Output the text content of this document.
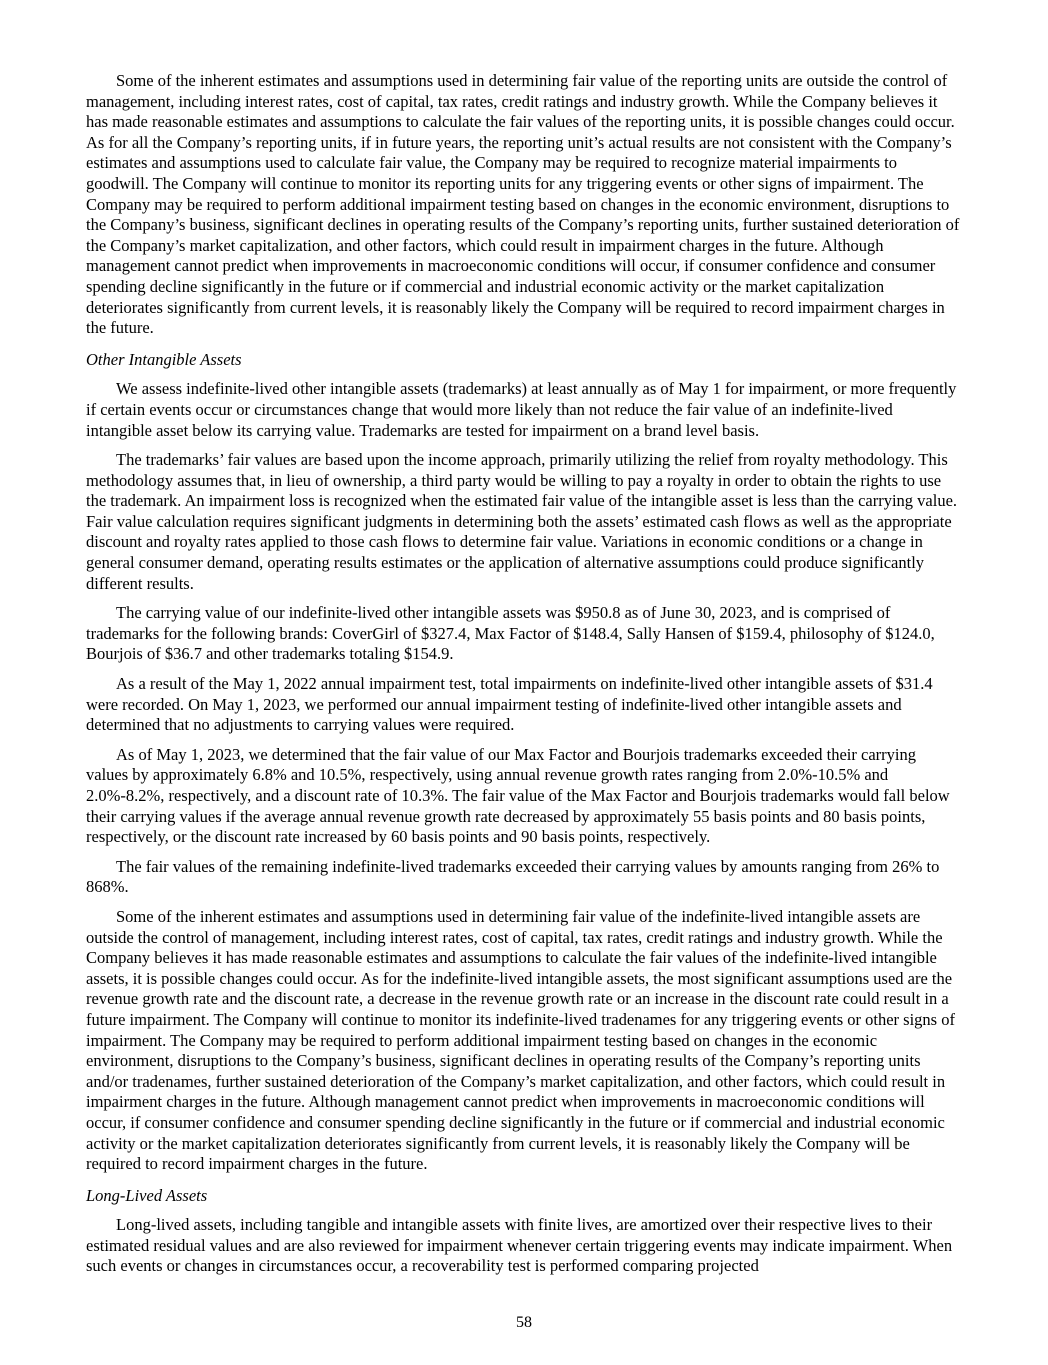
Some of the inherent estimates and assumptions used in determining fair value of the reporting units are outside the control of management, including interest rates, cost of capital, tax rates, credit ratings and industry growth. While the Company believes it has made reasonable estimates and assumptions to calculate the fair values of the reporting units, it is possible changes could occur. As for all the Company’s reporting units, if in future years, the reporting unit’s actual results are not consistent with the Company’s estimates and assumptions used to calculate fair value, the Company may be required to recognize material impairments to goodwill. The Company will continue to monitor its reporting units for any triggering events or other signs of impairment. The Company may be required to perform additional impairment testing based on changes in the economic environment, disruptions to the Company’s business, significant declines in operating results of the Company’s reporting units, further sustained deterioration of the Company’s market capitalization, and other factors, which could result in impairment charges in the future. Although management cannot predict when improvements in macroeconomic conditions will occur, if consumer confidence and consumer spending decline significantly in the future or if commercial and industrial economic activity or the market capitalization deteriorates significantly from current levels, it is reasonably likely the Company will be required to record impairment charges in the future.

Other Intangible Assets

We assess indefinite-lived other intangible assets (trademarks) at least annually as of May 1 for impairment, or more frequently if certain events occur or circumstances change that would more likely than not reduce the fair value of an indefinite-lived intangible asset below its carrying value. Trademarks are tested for impairment on a brand level basis.

The trademarks’ fair values are based upon the income approach, primarily utilizing the relief from royalty methodology. This methodology assumes that, in lieu of ownership, a third party would be willing to pay a royalty in order to obtain the rights to use the trademark. An impairment loss is recognized when the estimated fair value of the intangible asset is less than the carrying value. Fair value calculation requires significant judgments in determining both the assets’ estimated cash flows as well as the appropriate discount and royalty rates applied to those cash flows to determine fair value. Variations in economic conditions or a change in general consumer demand, operating results estimates or the application of alternative assumptions could produce significantly different results.

The carrying value of our indefinite-lived other intangible assets was $950.8 as of June 30, 2023, and is comprised of trademarks for the following brands: CoverGirl of $327.4, Max Factor of $148.4, Sally Hansen of $159.4, philosophy of $124.0, Bourjois of $36.7 and other trademarks totaling $154.9.

As a result of the May 1, 2022 annual impairment test, total impairments on indefinite-lived other intangible assets of $31.4 were recorded. On May 1, 2023, we performed our annual impairment testing of indefinite-lived other intangible assets and determined that no adjustments to carrying values were required.

As of May 1, 2023, we determined that the fair value of our Max Factor and Bourjois trademarks exceeded their carrying values by approximately 6.8% and 10.5%, respectively, using annual revenue growth rates ranging from 2.0%-10.5% and 2.0%-8.2%, respectively, and a discount rate of 10.3%. The fair value of the Max Factor and Bourjois trademarks would fall below their carrying values if the average annual revenue growth rate decreased by approximately 55 basis points and 80 basis points, respectively, or the discount rate increased by 60 basis points and 90 basis points, respectively.

The fair values of the remaining indefinite-lived trademarks exceeded their carrying values by amounts ranging from 26% to 868%.

Some of the inherent estimates and assumptions used in determining fair value of the indefinite-lived intangible assets are outside the control of management, including interest rates, cost of capital, tax rates, credit ratings and industry growth. While the Company believes it has made reasonable estimates and assumptions to calculate the fair values of the indefinite-lived intangible assets, it is possible changes could occur. As for the indefinite-lived intangible assets, the most significant assumptions used are the revenue growth rate and the discount rate, a decrease in the revenue growth rate or an increase in the discount rate could result in a future impairment. The Company will continue to monitor its indefinite-lived tradenames for any triggering events or other signs of impairment. The Company may be required to perform additional impairment testing based on changes in the economic environment, disruptions to the Company’s business, significant declines in operating results of the Company’s reporting units and/or tradenames, further sustained deterioration of the Company’s market capitalization, and other factors, which could result in impairment charges in the future. Although management cannot predict when improvements in macroeconomic conditions will occur, if consumer confidence and consumer spending decline significantly in the future or if commercial and industrial economic activity or the market capitalization deteriorates significantly from current levels, it is reasonably likely the Company will be required to record impairment charges in the future.

Long-Lived Assets

Long-lived assets, including tangible and intangible assets with finite lives, are amortized over their respective lives to their estimated residual values and are also reviewed for impairment whenever certain triggering events may indicate impairment. When such events or changes in circumstances occur, a recoverability test is performed comparing projected

58
